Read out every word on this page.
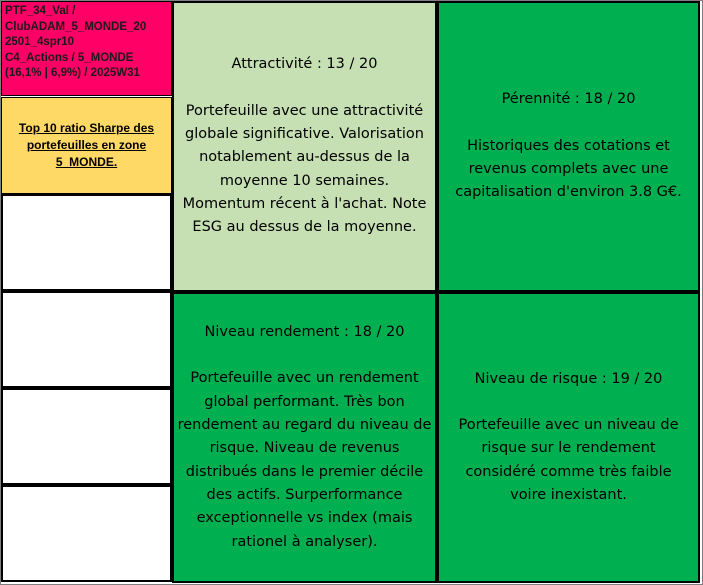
PTF_34_Val /
ClubADAM_5_MONDE_20
2501_4spr10
C4_Actions / 5_MONDE
(16,1% | 6,9%) / 2025W31
Top 10 ratio Sharpe des portefeuilles en zone 5_MONDE.
Attractivité : 13 / 20
Portefeuille avec une attractivité globale significative. Valorisation notablement au-dessus de la moyenne 10 semaines. Momentum récent à l'achat. Note ESG au dessus de la moyenne.
Pérennité : 18 / 20
Historiques des cotations et revenus complets avec une capitalisation d'environ 3.8 G€.
Niveau rendement : 18 / 20
Portefeuille avec un rendement global performant. Très bon rendement au regard du niveau de risque. Niveau de revenus distribués dans le premier décile des actifs. Surperformance exceptionnelle vs index (mais rationel à analyser).
Niveau de risque : 19 / 20
Portefeuille avec un niveau de risque sur le rendement considéré comme très faible voire inexistant.
